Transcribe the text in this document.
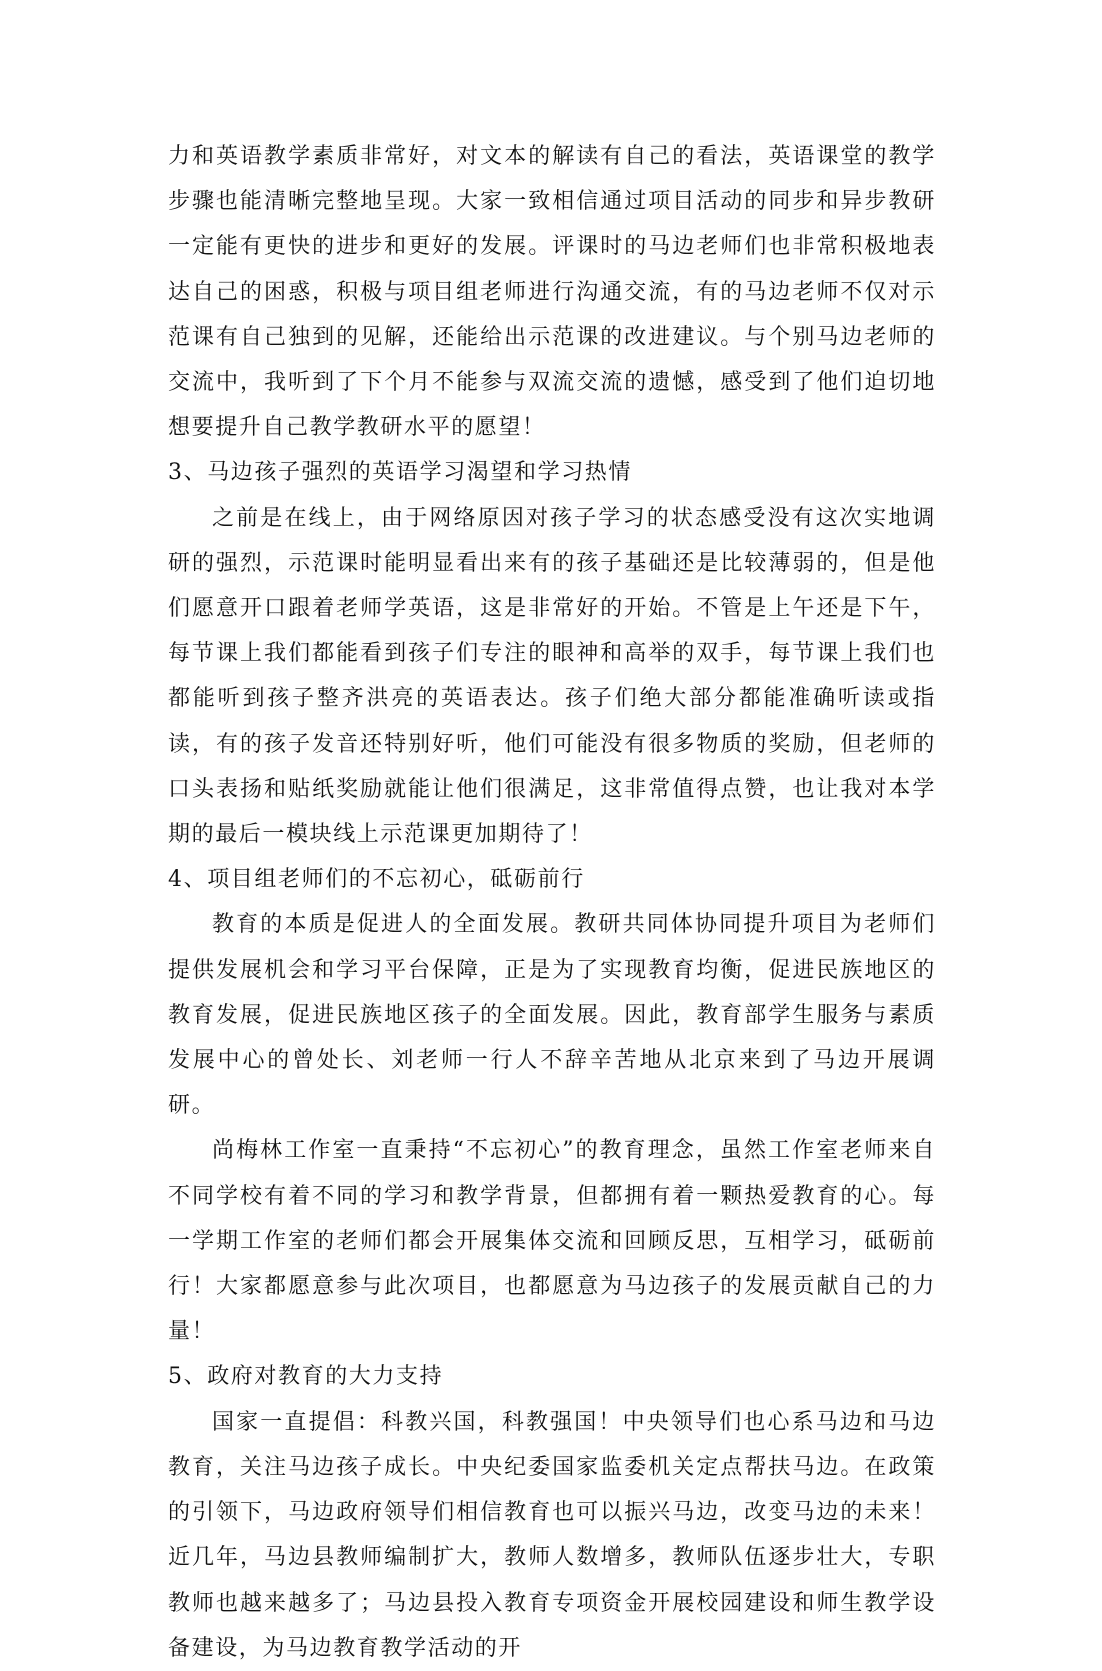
力和英语教学素质非常好，对文本的解读有自己的看法，英语课堂的教学步骤也能清晰完整地呈现。大家一致相信通过项目活动的同步和异步教研一定能有更快的进步和更好的发展。评课时的马边老师们也非常积极地表达自己的困惑，积极与项目组老师进行沟通交流，有的马边老师不仅对示范课有自己独到的见解，还能给出示范课的改进建议。与个别马边老师的交流中，我听到了下个月不能参与双流交流的遗憾，感受到了他们迫切地想要提升自己教学教研水平的愿望！

3、马边孩子强烈的英语学习渴望和学习热情

之前是在线上，由于网络原因对孩子学习的状态感受没有这次实地调研的强烈，示范课时能明显看出来有的孩子基础还是比较薄弱的，但是他们愿意开口跟着老师学英语，这是非常好的开始。不管是上午还是下午，每节课上我们都能看到孩子们专注的眼神和高举的双手，每节课上我们也都能听到孩子整齐洪亮的英语表达。孩子们绝大部分都能准确听读或指读，有的孩子发音还特别好听，他们可能没有很多物质的奖励，但老师的口头表扬和贴纸奖励就能让他们很满足，这非常值得点赞，也让我对本学期的最后一模块线上示范课更加期待了！

4、项目组老师们的不忘初心，砥砺前行

教育的本质是促进人的全面发展。教研共同体协同提升项目为老师们提供发展机会和学习平台保障，正是为了实现教育均衡，促进民族地区的教育发展，促进民族地区孩子的全面发展。因此，教育部学生服务与素质发展中心的曾处长、刘老师一行人不辞辛苦地从北京来到了马边开展调研。

尚梅林工作室一直秉持“不忘初心”的教育理念，虽然工作室老师来自不同学校有着不同的学习和教学背景，但都拥有着一颗热爱教育的心。每一学期工作室的老师们都会开展集体交流和回顾反思，互相学习，砥砺前行！大家都愿意参与此次项目，也都愿意为马边孩子的发展贡献自己的力量！

5、政府对教育的大力支持

国家一直提倡：科教兴国，科教强国！中央领导们也心系马边和马边教育，关注马边孩子成长。中央纪委国家监委机关定点帮扶马边。在政策的引领下，马边政府领导们相信教育也可以振兴马边，改变马边的未来！近几年，马边县教师编制扩大，教师人数增多，教师队伍逐步壮大，专职教师也越来越多了；马边县投入教育专项资金开展校园建设和师生教学设备建设，为马边教育教学活动的开
